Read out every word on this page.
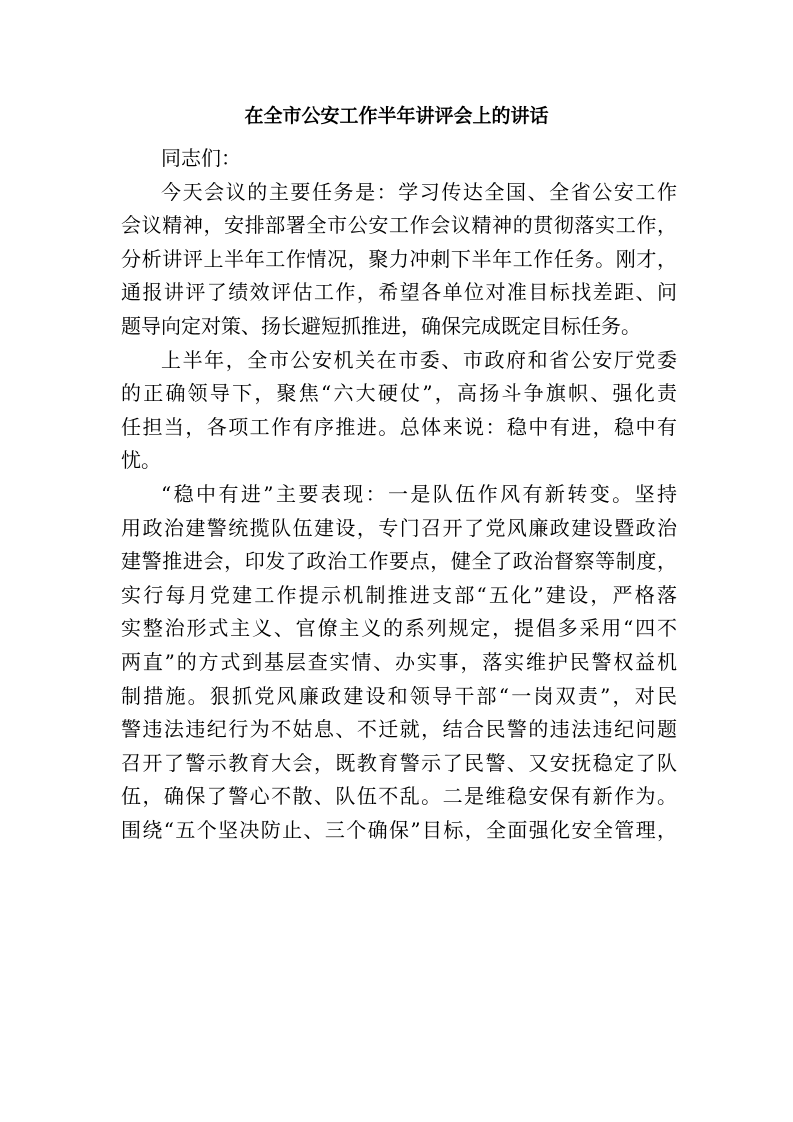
在全市公安工作半年讲评会上的讲话
同志们：
今天会议的主要任务是：学习传达全国、全省公安工作
会议精神，安排部署全市公安工作会议精神的贯彻落实工作，
分析讲评上半年工作情况，聚力冲刺下半年工作任务。刚才，
通报讲评了绩效评估工作，希望各单位对准目标找差距、问
题导向定对策、扬长避短抓推进，确保完成既定目标任务。
上半年，全市公安机关在市委、市政府和省公安厅党委
的正确领导下，聚焦“六大硬仗”，高扬斗争旗帜、强化责
任担当，各项工作有序推进。总体来说：稳中有进，稳中有
忧。
“稳中有进”主要表现：一是队伍作风有新转变。坚持
用政治建警统揽队伍建设，专门召开了党风廉政建设暨政治
建警推进会，印发了政治工作要点，健全了政治督察等制度，
实行每月党建工作提示机制推进支部“五化”建设，严格落
实整治形式主义、官僚主义的系列规定，提倡多采用“四不
两直”的方式到基层查实情、办实事，落实维护民警权益机
制措施。狠抓党风廉政建设和领导干部“一岗双责”，对民
警违法违纪行为不姑息、不迁就，结合民警的违法违纪问题
召开了警示教育大会，既教育警示了民警、又安抚稳定了队
伍，确保了警心不散、队伍不乱。二是维稳安保有新作为。
围绕“五个坚决防止、三个确保”目标，全面强化安全管理，
